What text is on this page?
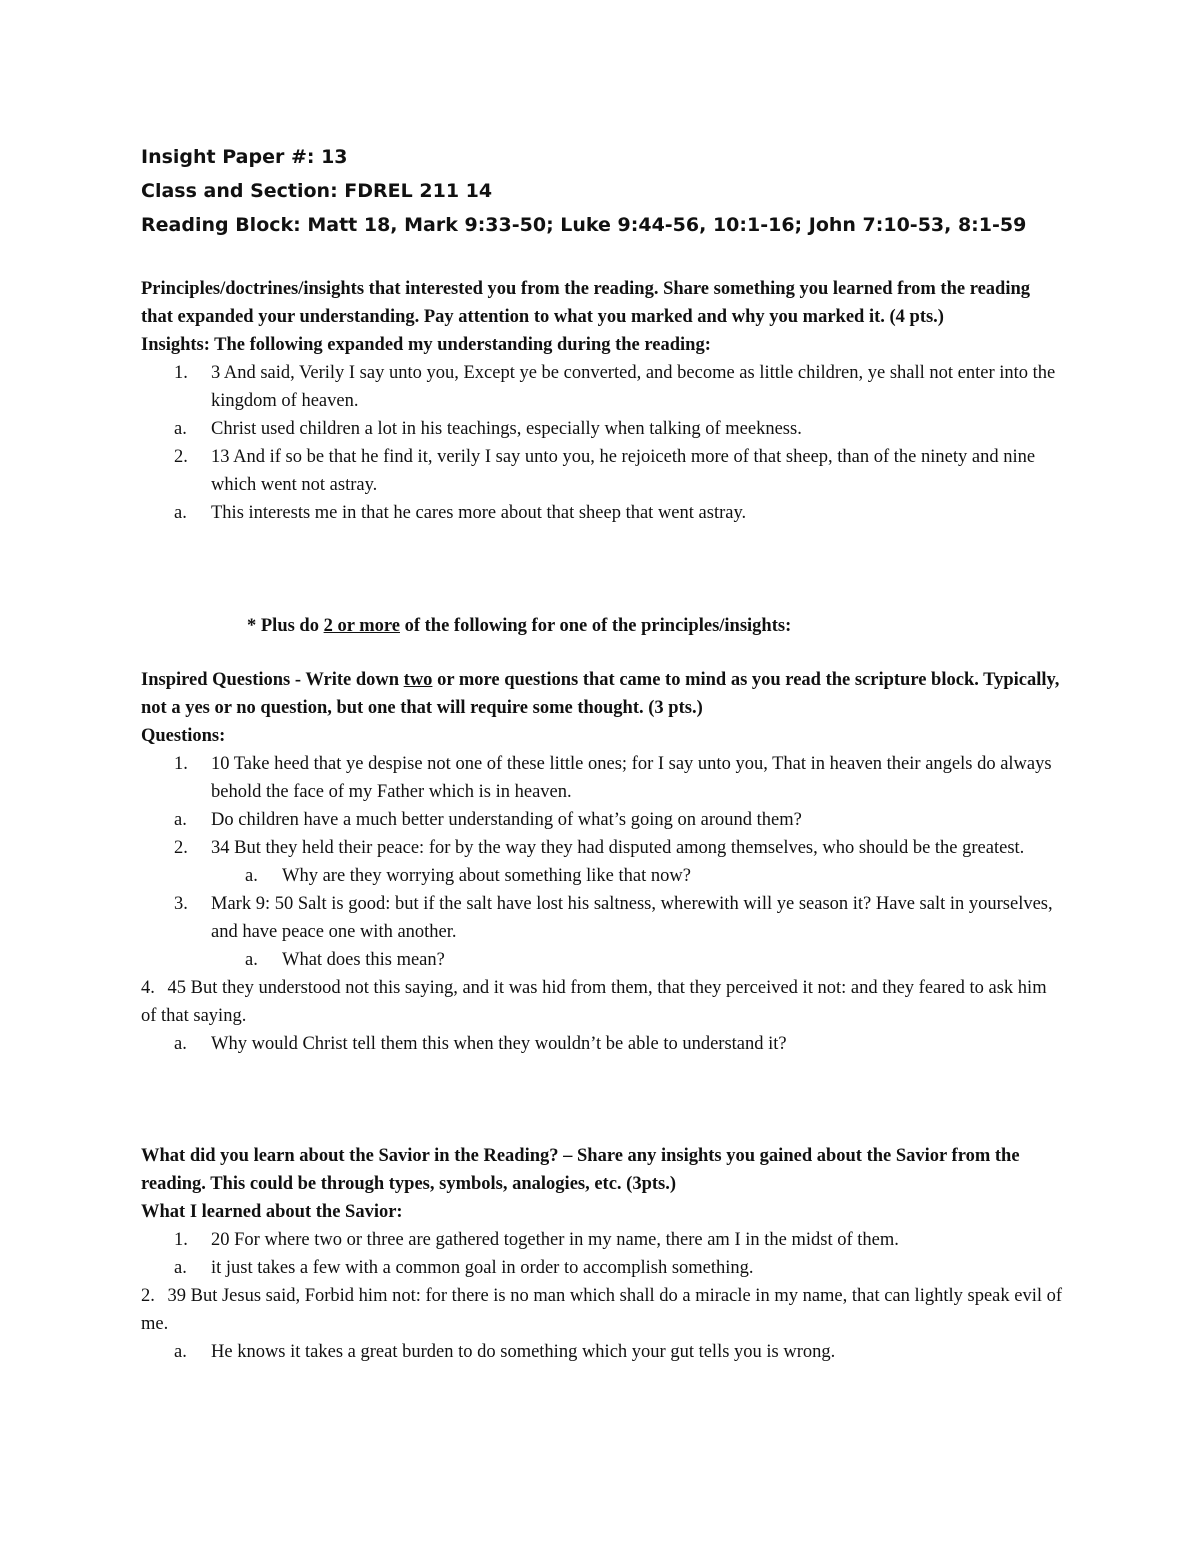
Insight Paper #: 13
Class and Section: FDREL 211 14
Reading Block: Matt 18, Mark 9:33-50; Luke 9:44-56, 10:1-16; John 7:10-53, 8:1-59

Principles/doctrines/insights that interested you from the reading. Share something you learned from the reading that expanded your understanding. Pay attention to what you marked and why you marked it. (4 pts.)

Insights: The following expanded my understanding during the reading:

1. 3 And said, Verily I say unto you, Except ye be converted, and become as little children, ye shall not enter into the kingdom of heaven.

a. Christ used children a lot in his teachings, especially when talking of meekness.

2. 13 And if so be that he find it, verily I say unto you, he rejoiceth more of that sheep, than of the ninety and nine which went not astray.

a. This interests me in that he cares more about that sheep that went astray.

* Plus do 2 or more of the following for one of the principles/insights:

Inspired Questions - Write down two or more questions that came to mind as you read the scripture block. Typically, not a yes or no question, but one that will require some thought. (3 pts.)

Questions:

1. 10 Take heed that ye despise not one of these little ones; for I say unto you, That in heaven their angels do always behold the face of my Father which is in heaven.

a. Do children have a much better understanding of what’s going on around them?

2. 34 But they held their peace: for by the way they had disputed among themselves, who should be the greatest.

a. Why are they worrying about something like that now?

3. Mark 9: 50 Salt is good: but if the salt have lost his saltness, wherewith will ye season it? Have salt in yourselves, and have peace one with another.

a. What does this mean?

4. 45 But they understood not this saying, and it was hid from them, that they perceived it not: and they feared to ask him of that saying.

a. Why would Christ tell them this when they wouldn’t be able to understand it?

What did you learn about the Savior in the Reading? – Share any insights you gained about the Savior from the reading. This could be through types, symbols, analogies, etc. (3pts.)

What I learned about the Savior:

1. 20 For where two or three are gathered together in my name, there am I in the midst of them.

a. it just takes a few with a common goal in order to accomplish something.

2. 39 But Jesus said, Forbid him not: for there is no man which shall do a miracle in my name, that can lightly speak evil of me.

a. He knows it takes a great burden to do something which your gut tells you is wrong.
